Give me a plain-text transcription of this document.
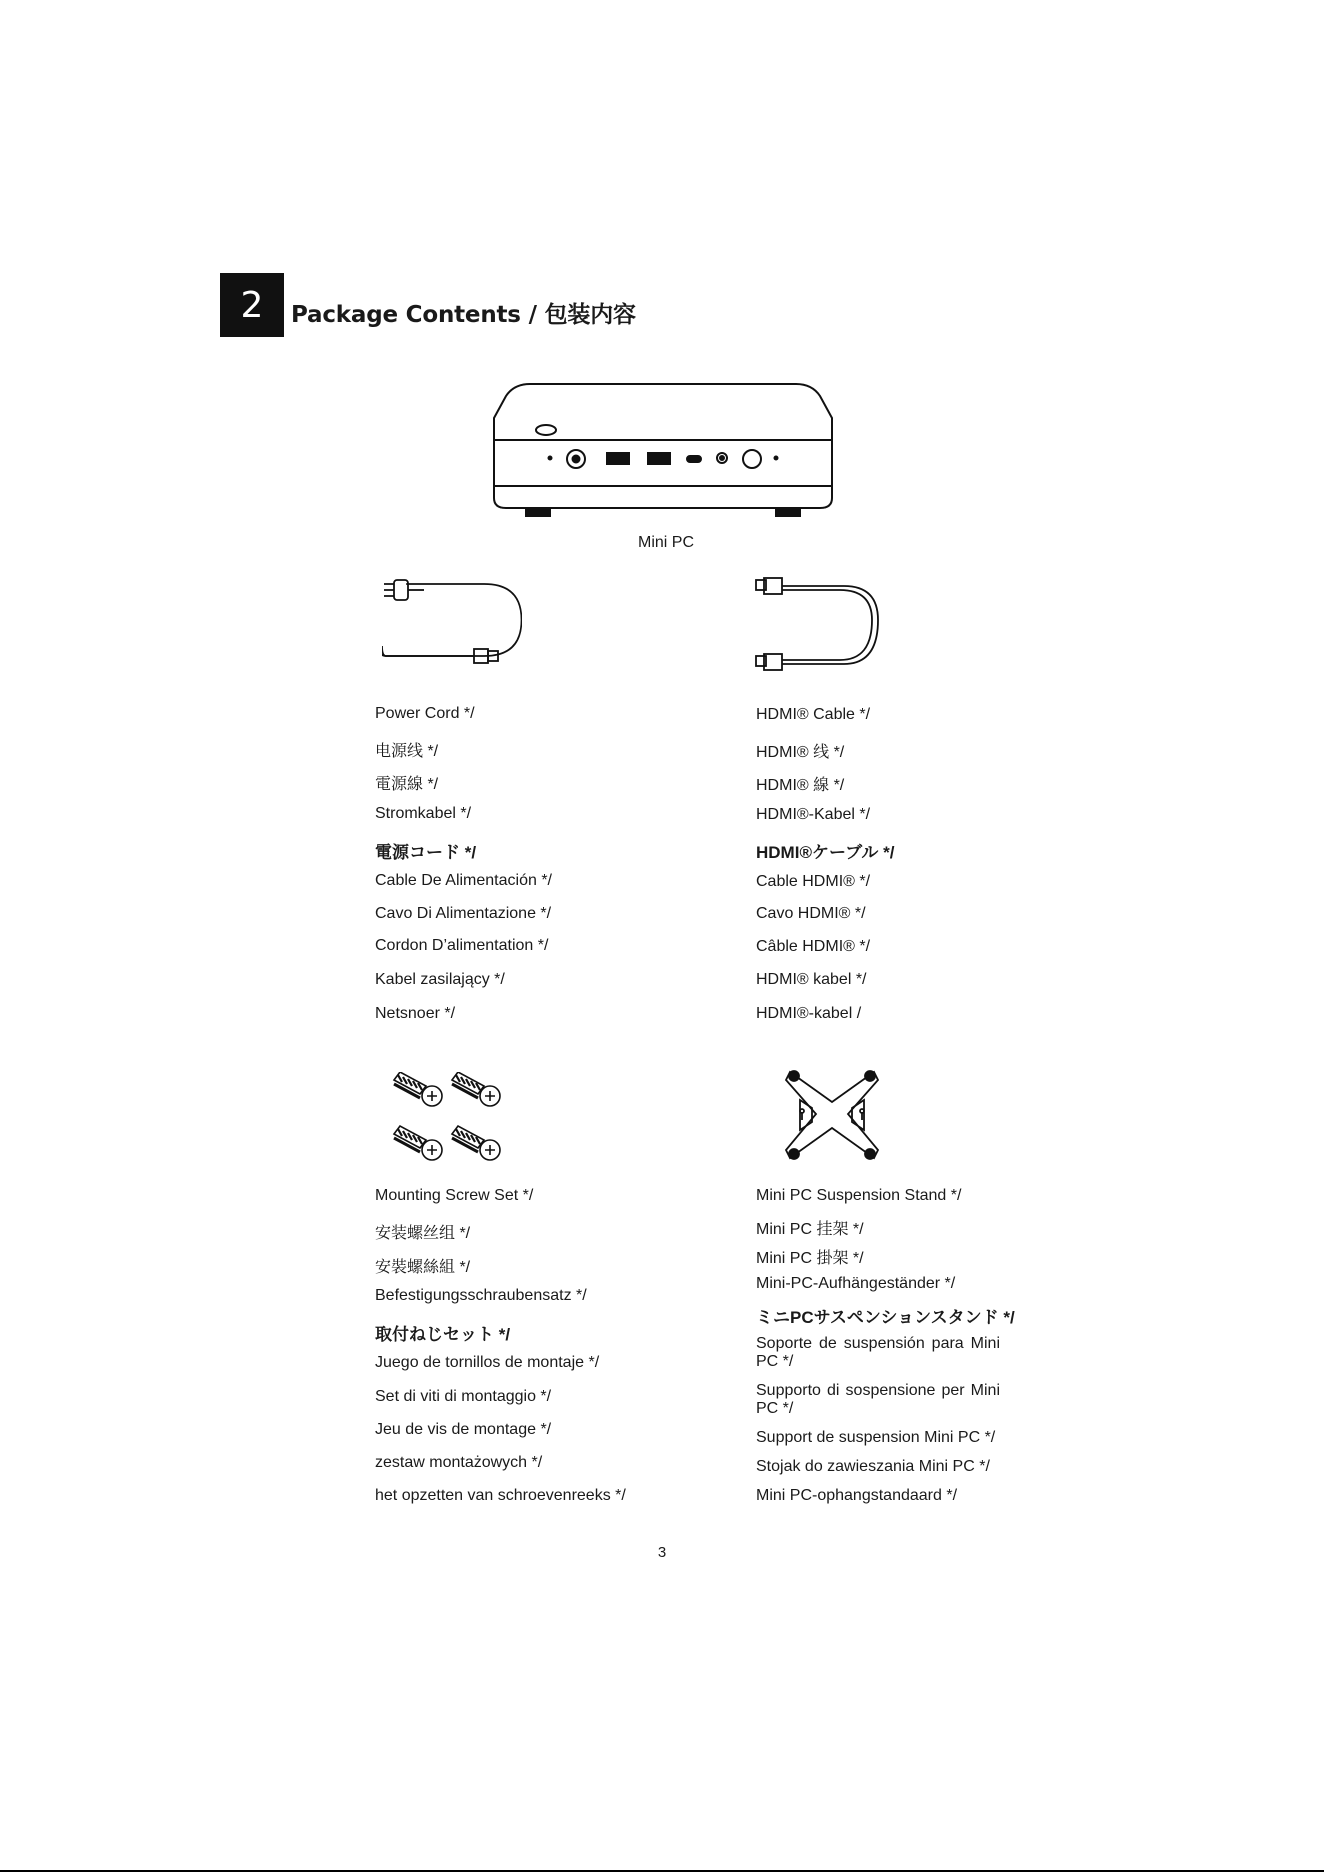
2	Package Contents / 包装内容
Mini PC
Power Cord */
电源线 */
電源線 */
Stromkabel */
電源コード */
Cable De Alimentación */
Cavo Di Alimentazione */
Cordon D’alimentation */
Kabel zasilający */
Netsnoer */
HDMI® Cable */
HDMI® 线 */
HDMI® 線 */
HDMI®-Kabel */
HDMI®ケーブル */
Cable HDMI® */
Cavo HDMI® */
Câble HDMI® */
HDMI® kabel */
HDMI®-kabel /
Mounting Screw Set */
安装螺丝组 */
安裝螺絲組 */
Befestigungsschraubensatz */
取付ねじセット */
Juego de tornillos de montaje */
Set di viti di montaggio */
Jeu de vis de montage */
zestaw montażowych */
het opzetten van schroevenreeks */
Mini PC Suspension Stand */
Mini PC 挂架 */
Mini PC 掛架 */
Mini-PC-Aufhängeständer */
ミニPCサスペンションスタンド */
Soporte de suspensión para Mini PC */
Supporto di sospensione per Mini PC */
Support de suspension Mini PC */
Stojak do zawieszania Mini PC */
Mini PC-ophangstandaard */
3
